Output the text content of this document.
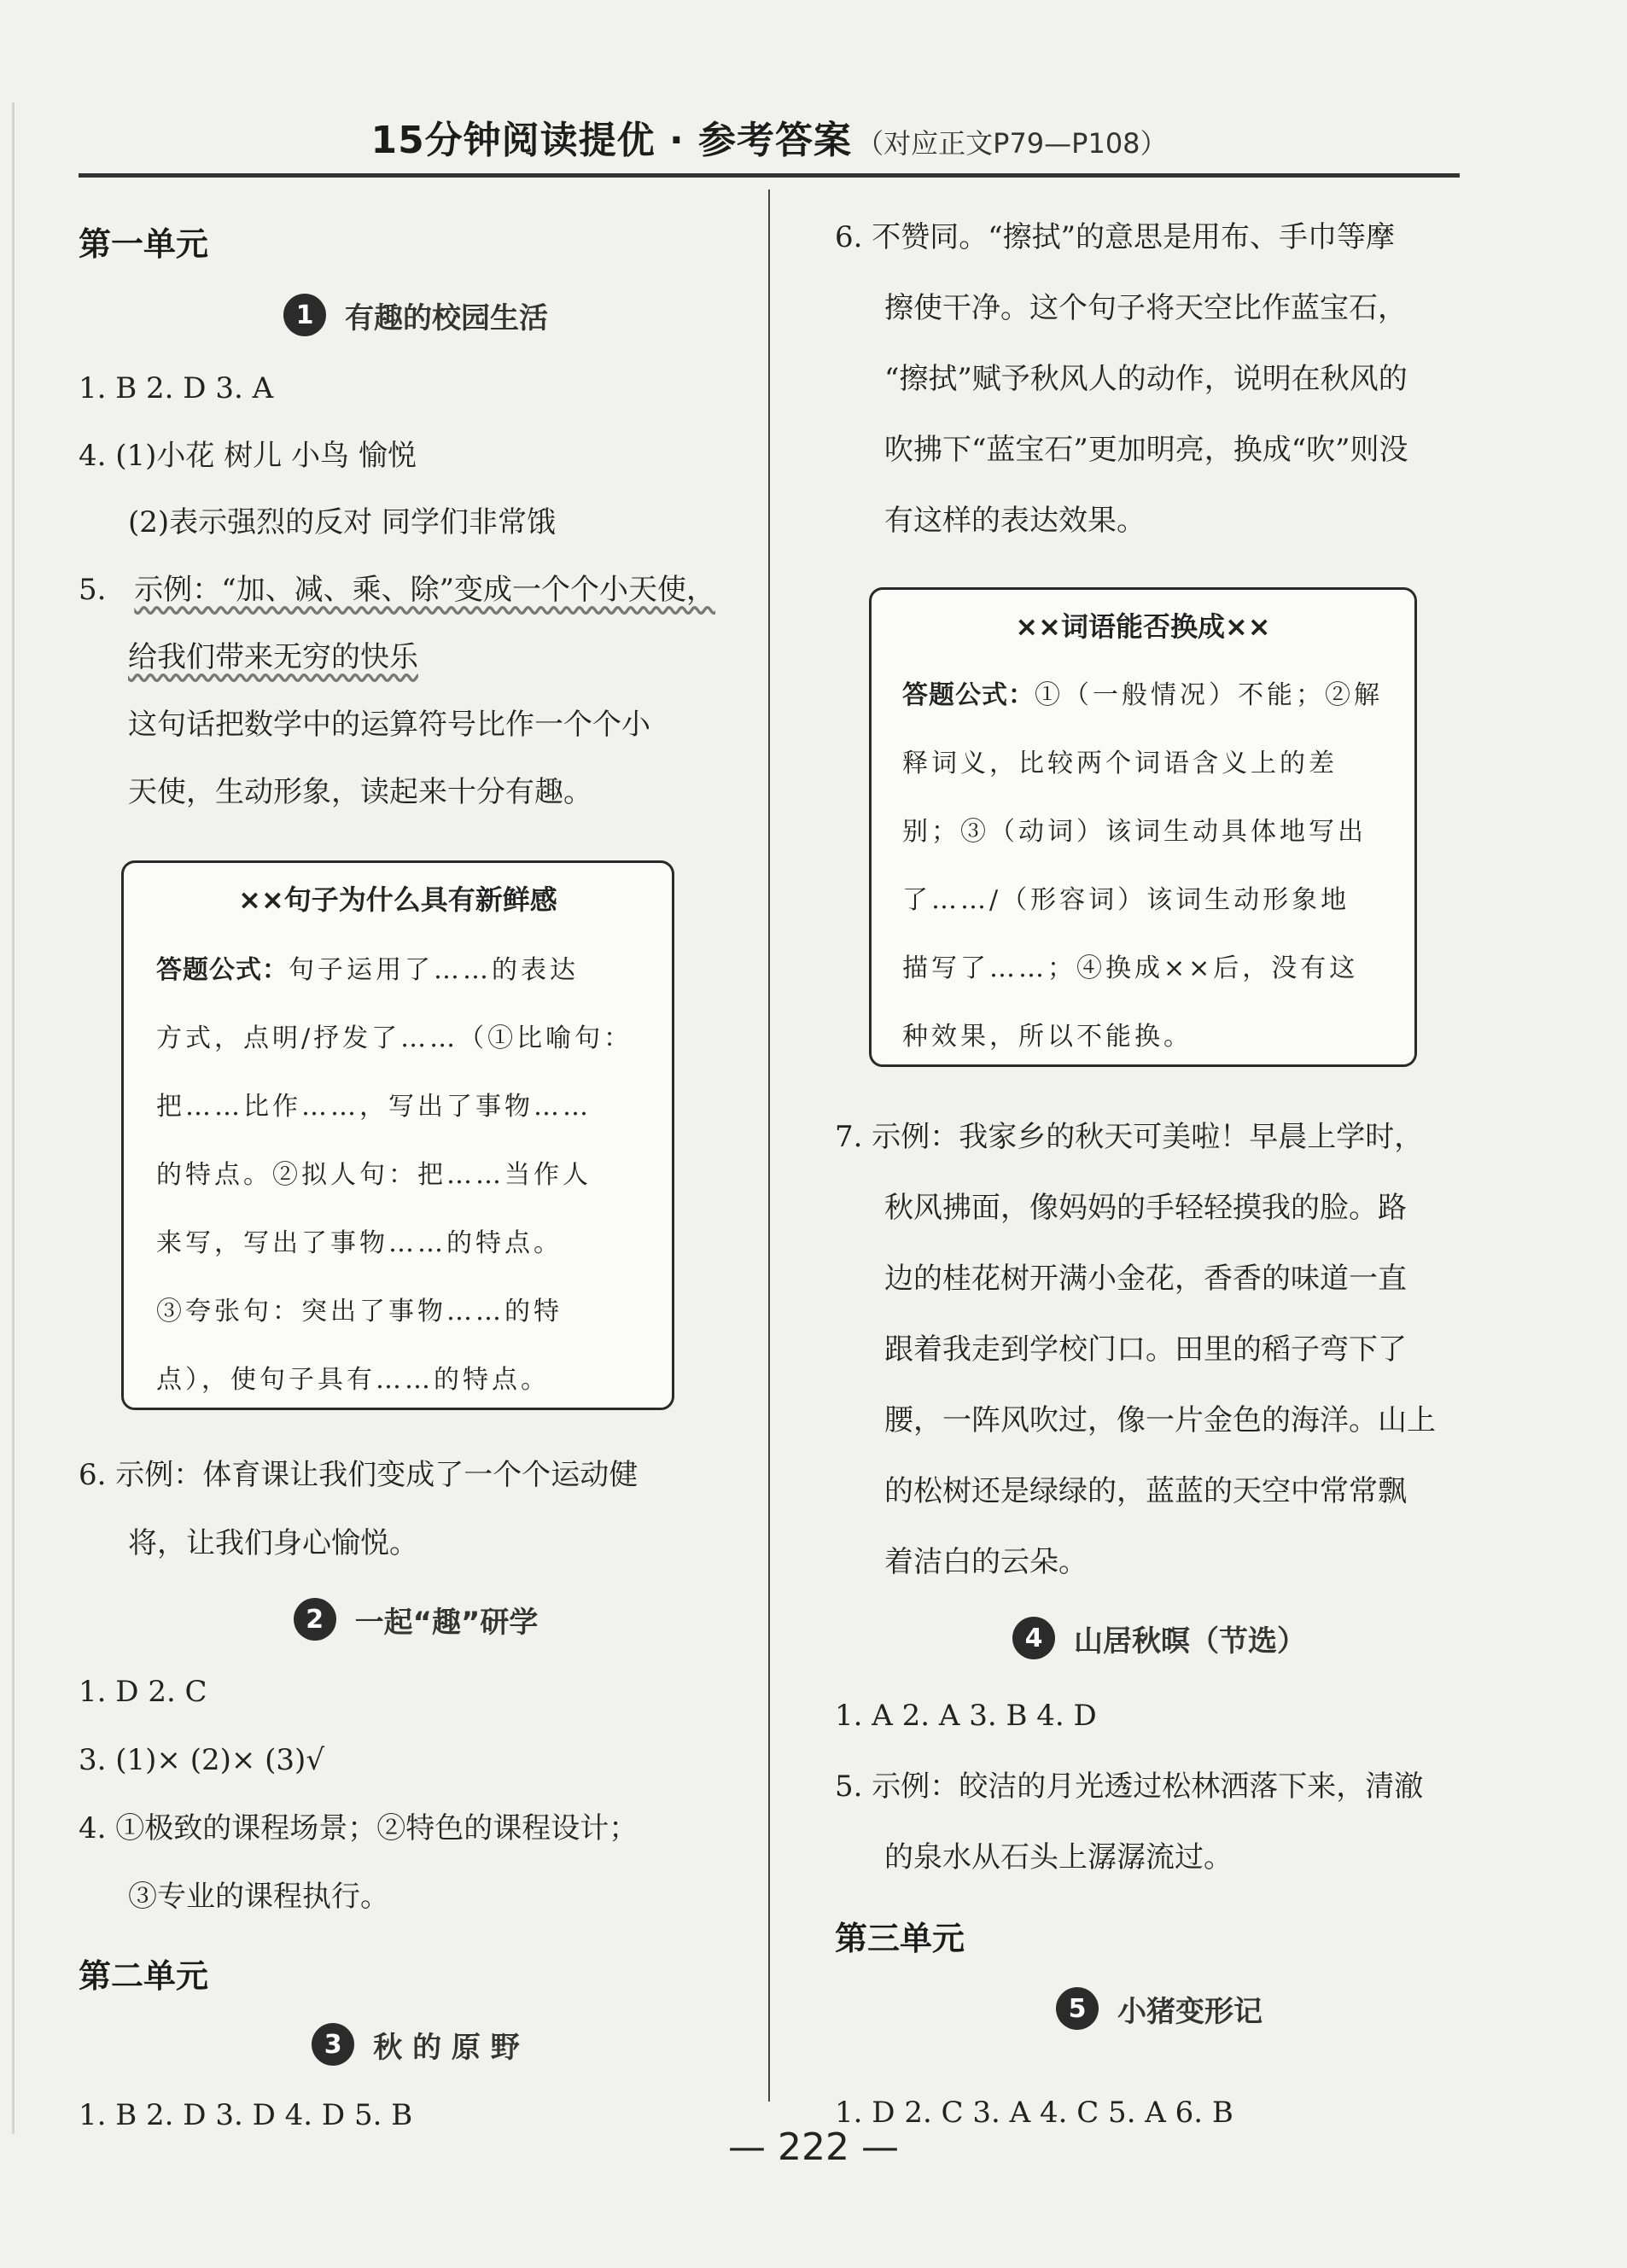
15分钟阅读提优 · 参考答案 （对应正文P79—P108）
第一单元
1	有趣的校园生活

1. B 2. D 3. A

4. (1)小花 树儿 小鸟 愉悦

(2)表示强烈的反对 同学们非常饿

5. 示例：“加、减、乘、除”变成一个个小天使，

给我们带来无穷的快乐

这句话把数学中的运算符号比作一个个小

天使，生动形象，读起来十分有趣。

××句子为什么具有新鲜感

答题公式：句子运用了……的表达

方式，点明/抒发了……（①比喻句：

把……比作……，写出了事物……

的特点。②拟人句：把……当作人

来写，写出了事物……的特点。

③夸张句：突出了事物……的特

点），使句子具有……的特点。

6. 示例：体育课让我们变成了一个个运动健

将，让我们身心愉悦。

2	一起“趣”研学

1. D 2. C

3. (1)× (2)× (3)√

4. ①极致的课程场景；②特色的课程设计；

③专业的课程执行。

第二单元
3	秋 的 原 野

1. B 2. D 3. D 4. D 5. B

6. 不赞同。“擦拭”的意思是用布、手巾等摩

擦使干净。这个句子将天空比作蓝宝石，

“擦拭”赋予秋风人的动作，说明在秋风的

吹拂下“蓝宝石”更加明亮，换成“吹”则没

有这样的表达效果。

××词语能否换成××

答题公式：①（一般情况）不能；②解

释词义，比较两个词语含义上的差

别；③（动词）该词生动具体地写出

了……/（形容词）该词生动形象地

描写了……；④换成××后，没有这

种效果，所以不能换。

7. 示例：我家乡的秋天可美啦！早晨上学时，

秋风拂面，像妈妈的手轻轻摸我的脸。路

边的桂花树开满小金花，香香的味道一直

跟着我走到学校门口。田里的稻子弯下了

腰，一阵风吹过，像一片金色的海洋。山上

的松树还是绿绿的，蓝蓝的天空中常常飘

着洁白的云朵。

4	山居秋暝（节选）

1. A 2. A 3. B 4. D

5. 示例：皎洁的月光透过松林洒落下来，清澈

的泉水从石头上潺潺流过。

第三单元
5	小猪变形记

1. D 2. C 3. A 4. C 5. A 6. B

— 222 —
